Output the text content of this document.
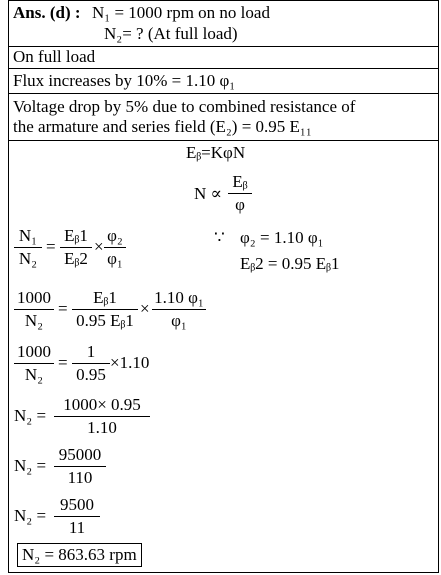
Ans. (d) : N₁ = 1000 rpm on no load
N₂= ? (At full load)
On full load
Flux increases by 10% = 1.10 φ₁
Voltage drop by 5% due to combined resistance of
the armature and series field (E₂) = 0.95 E₁₁
Eᵦ=KφN
N ∝
Eᵦ
φ
N₁
N₂
=
Eᵦ1
Eᵦ2
×
φ₂
φ₁
∵ φ₂ = 1.10 φ₁
Eᵦ2 = 0.95 Eᵦ1
1000
N₂
=
Eᵦ1
0.95 Eᵦ1
×
1.10 φ₁
φ₁
1000
N₂
=
1
0.95
×1.10
N₂ =
1000× 0.95
1.10
N₂ =
95000
110
N₂ =
9500
11
N₂ = 863.63 rpm
